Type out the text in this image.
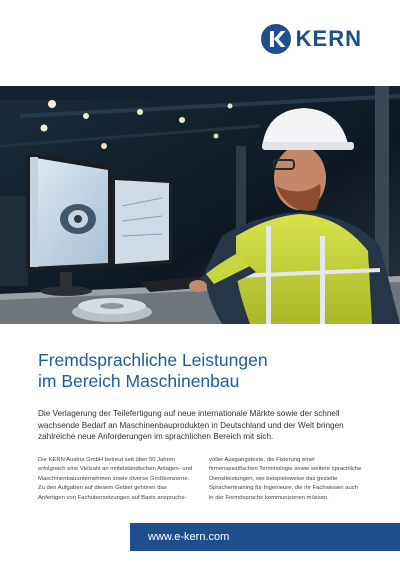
KERN
Fremdsprachliche Leistungen
im Bereich Maschinenbau

Die Verlagerung der Teilefertigung auf neue internationale Märkte sowie der schnell wachsende Bedarf an Maschinenbauprodukten in Deutschland und der Welt bringen zahlreiche neue Anforderungen im sprachlichen Bereich mit sich.

Die KERN Austria GmbH betreut seit über 50 Jahren erfolgreich eine Vielzahl an mittelständischen Anlagen- und Maschinenbauunternehmen sowie diverse Großkonzerne. Zu den Aufgaben auf diesem Gebiet gehören das Anfertigen von Fachübersetzungen auf Basis anspruchs-

voller Ausgangstexte, die Fixierung einer firmenspezifischen Terminologie sowie weitere sprachliche Dienstleistungen, wie beispielsweise das gezielte Sprachentraining für Ingenieure, die ihr Fachwissen auch in der Fremdsprache kommunizieren müssen.

www.e-kern.com
